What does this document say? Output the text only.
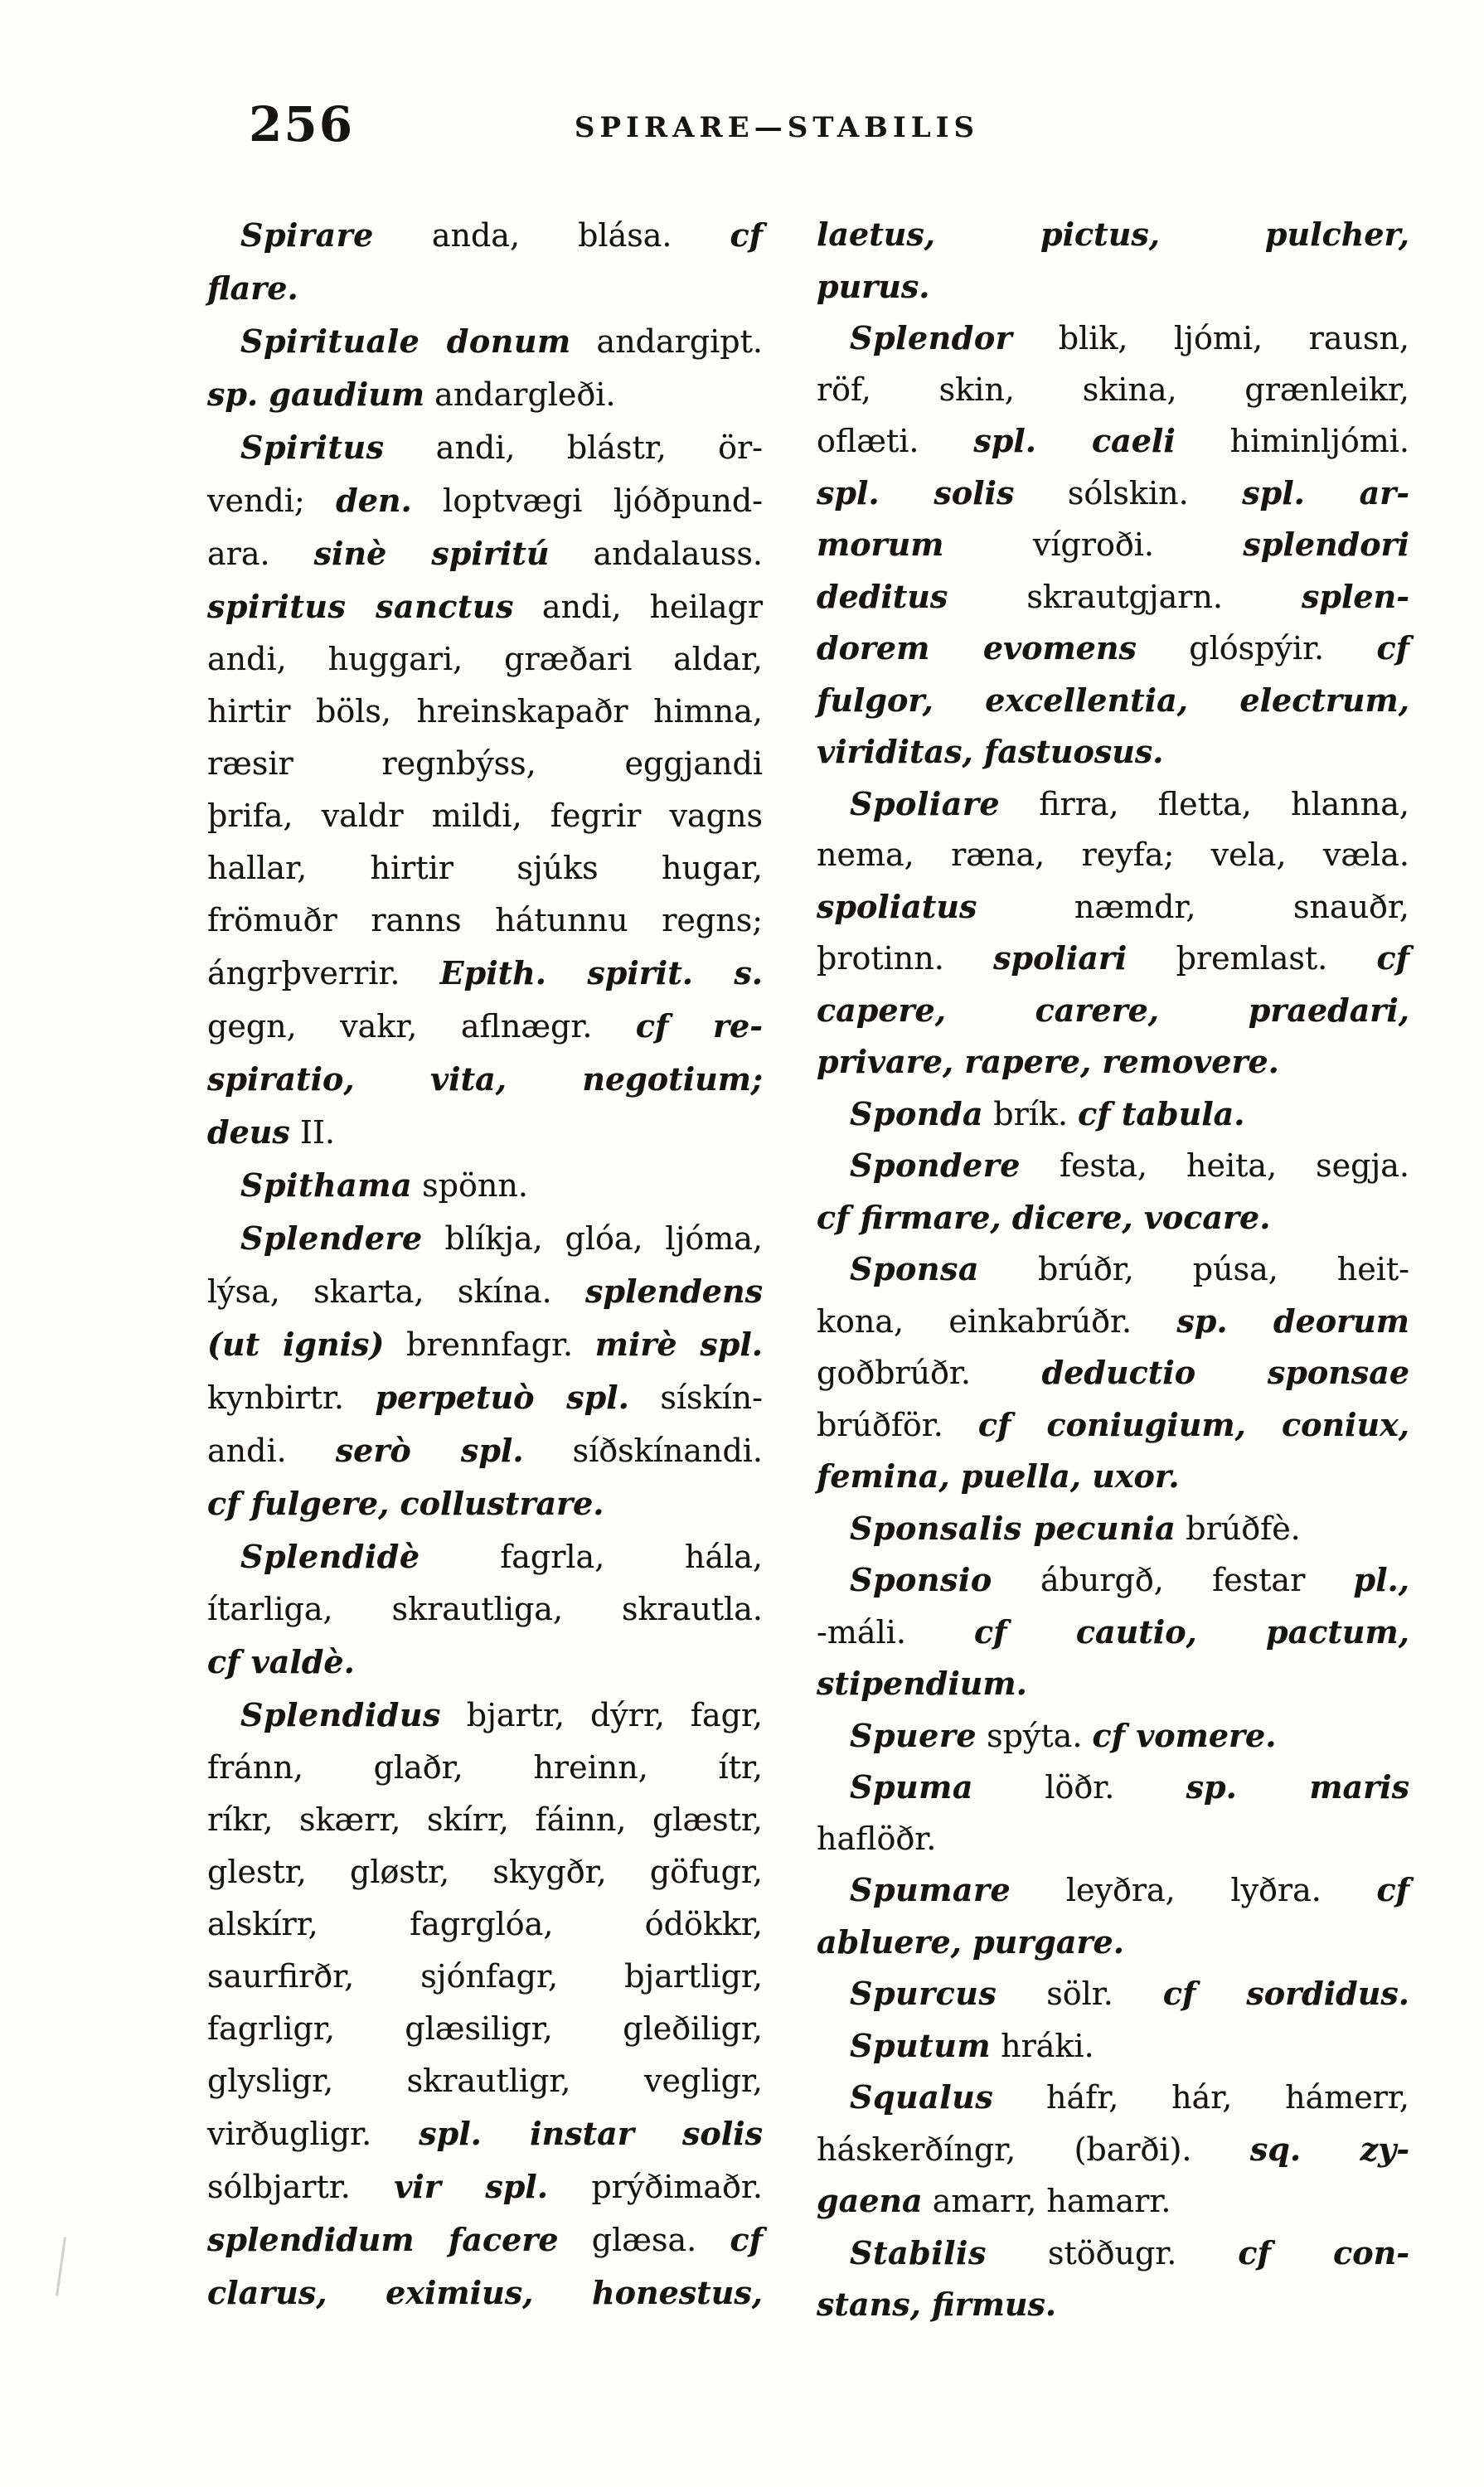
256	SPIRARE—STABILIS
Spirare anda, blása. cf
flare.
Spirituale donum andargipt.
sp. gaudium andargleði.
Spiritus andi, blástr, ör-
vendi; den. loptvægi ljóðpund-
ara. sinè spiritú andalauss.
spiritus sanctus andi, heilagr
andi, huggari, græðari aldar,
hirtir böls, hreinskapaðr himna,
ræsir regnbýss, eggjandi
þrifa, valdr mildi, fegrir vagns
hallar, hirtir sjúks hugar,
frömuðr ranns hátunnu regns;
ángrþverrir. Epith. spirit. s.
gegn, vakr, aflnægr. cf re-
spiratio, vita, negotium;
deus II.
Spithama spönn.
Splendere blíkja, glóa, ljóma,
lýsa, skarta, skína. splendens
(ut ignis) brennfagr. mirè spl.
kynbirtr. perpetuò spl. sískín-
andi. serò spl. síðskínandi.
cf fulgere, collustrare.
Splendidè fagrla, hála,
ítarliga, skrautliga, skrautla.
cf valdè.
Splendidus bjartr, dýrr, fagr,
fránn, glaðr, hreinn, ítr,
ríkr, skærr, skírr, fáinn, glæstr,
glestr, gløstr, skygðr, göfugr,
alskírr, fagrglóa, ódökkr,
saurfirðr, sjónfagr, bjartligr,
fagrligr, glæsiligr, gleðiligr,
glysligr, skrautligr, vegligr,
virðugligr. spl. instar solis
sólbjartr. vir spl. prýðimaðr.
splendidum facere glæsa. cf
clarus, eximius, honestus,
laetus, pictus, pulcher,
purus.
Splendor blik, ljómi, rausn,
röf, skin, skina, grænleikr,
oflæti. spl. caeli himinljómi.
spl. solis sólskin. spl. ar-
morum vígroði. splendori
deditus skrautgjarn. splen-
dorem evomens glóspýir. cf
fulgor, excellentia, electrum,
viriditas, fastuosus.
Spoliare firra, fletta, hlanna,
nema, ræna, reyfa; vela, væla.
spoliatus næmdr, snauðr,
þrotinn. spoliari þremlast. cf
capere, carere, praedari,
privare, rapere, removere.
Sponda brík. cf tabula.
Spondere festa, heita, segja.
cf firmare, dicere, vocare.
Sponsa brúðr, púsa, heit-
kona, einkabrúðr. sp. deorum
goðbrúðr. deductio sponsae
brúðför. cf coniugium, coniux,
femina, puella, uxor.
Sponsalis pecunia brúðfè.
Sponsio áburgð, festar pl.,
-máli. cf cautio, pactum,
stipendium.
Spuere spýta. cf vomere.
Spuma löðr. sp. maris
haflöðr.
Spumare leyðra, lyðra. cf
abluere, purgare.
Spurcus sölr. cf sordidus.
Sputum hráki.
Squalus háfr, hár, hámerr,
háskerðíngr, (barði). sq. zy-
gaena amarr, hamarr.
Stabilis stöðugr. cf con-
stans, firmus.
